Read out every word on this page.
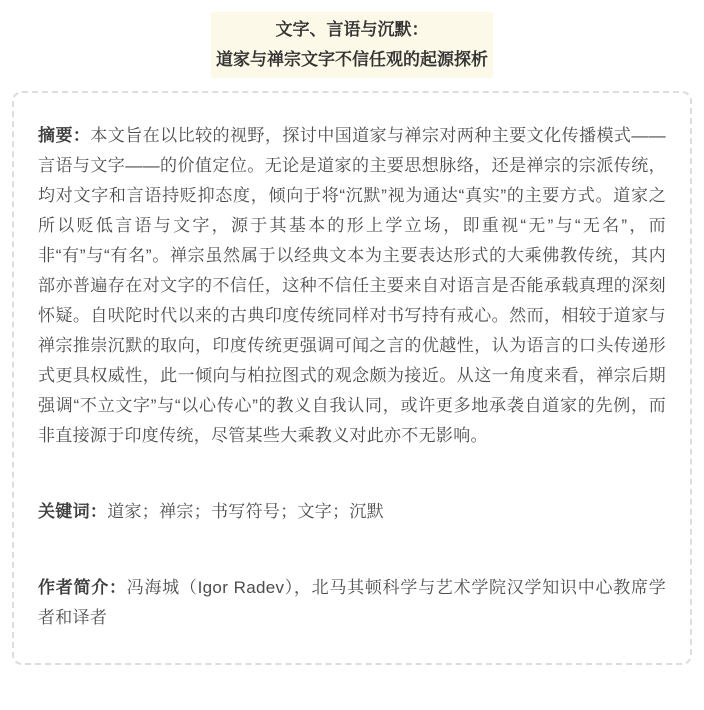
文字、言语与沉默：
道家与禅宗文字不信任观的起源探析

摘要：本文旨在以比较的视野，探讨中国道家与禅宗对两种主要文化传播模式——言语与文字——的价值定位。无论是道家的主要思想脉络，还是禅宗的宗派传统，均对文字和言语持贬抑态度，倾向于将“沉默”视为通达“真实”的主要方式。道家之所以贬低言语与文字，源于其基本的形上学立场，即重视“无”与“无名”，而非“有”与“有名”。禅宗虽然属于以经典文本为主要表达形式的大乘佛教传统，其内部亦普遍存在对文字的不信任，这种不信任主要来自对语言是否能承载真理的深刻怀疑。自吠陀时代以来的古典印度传统同样对书写持有戒心。然而，相较于道家与禅宗推崇沉默的取向，印度传统更强调可闻之言的优越性，认为语言的口头传递形式更具权威性，此一倾向与柏拉图式的观念颇为接近。从这一角度来看，禅宗后期强调“不立文字”与“以心传心”的教义自我认同，或许更多地承袭自道家的先例，而非直接源于印度传统，尽管某些大乘教义对此亦不无影响。

关键词：道家；禅宗；书写符号；文字；沉默

作者简介：冯海城（Igor Radev），北马其顿科学与艺术学院汉学知识中心教席学者和译者
